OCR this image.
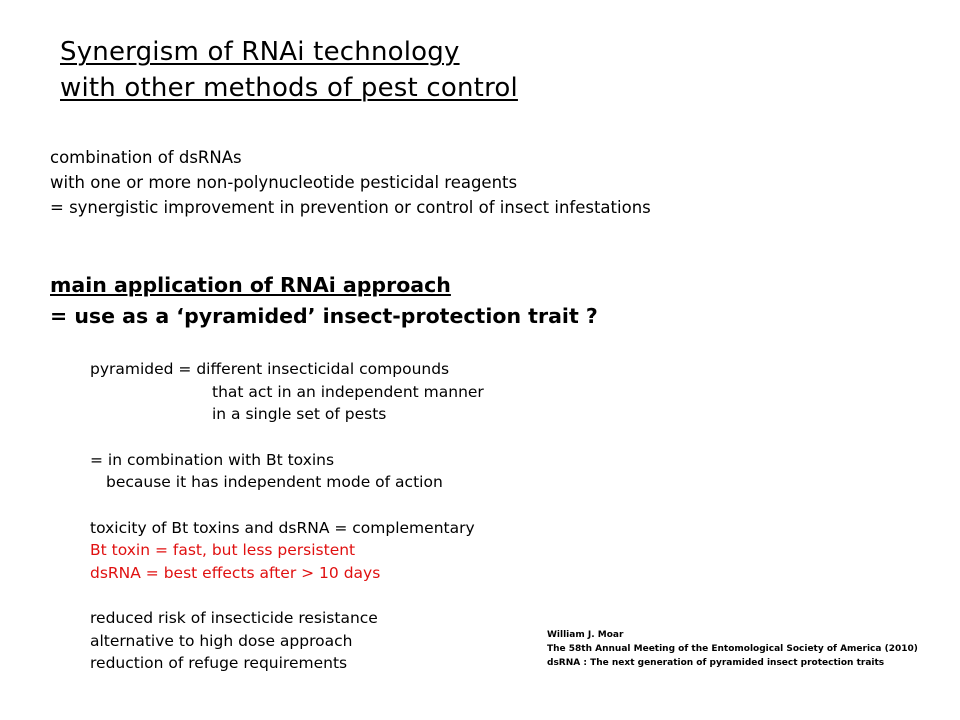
Synergism of RNAi technology
with other methods of pest control
combination of dsRNAs
with one or more non-polynucleotide pesticidal reagents
= synergistic improvement in prevention or control of insect infestations
main application of RNAi approach
= use as a ‘pyramided’ insect-protection trait ?
pyramided = different insecticidal compounds
that act in an independent manner
in a single set of pests
= in combination with Bt toxins
because it has independent mode of action
toxicity of Bt toxins and dsRNA = complementary
Bt toxin = fast, but less persistent
dsRNA = best effects after > 10 days
reduced risk of insecticide resistance
alternative to high dose approach
reduction of refuge requirements
William J. Moar
The 58th Annual Meeting of the Entomological Society of America (2010)
dsRNA : The next generation of pyramided insect protection traits
